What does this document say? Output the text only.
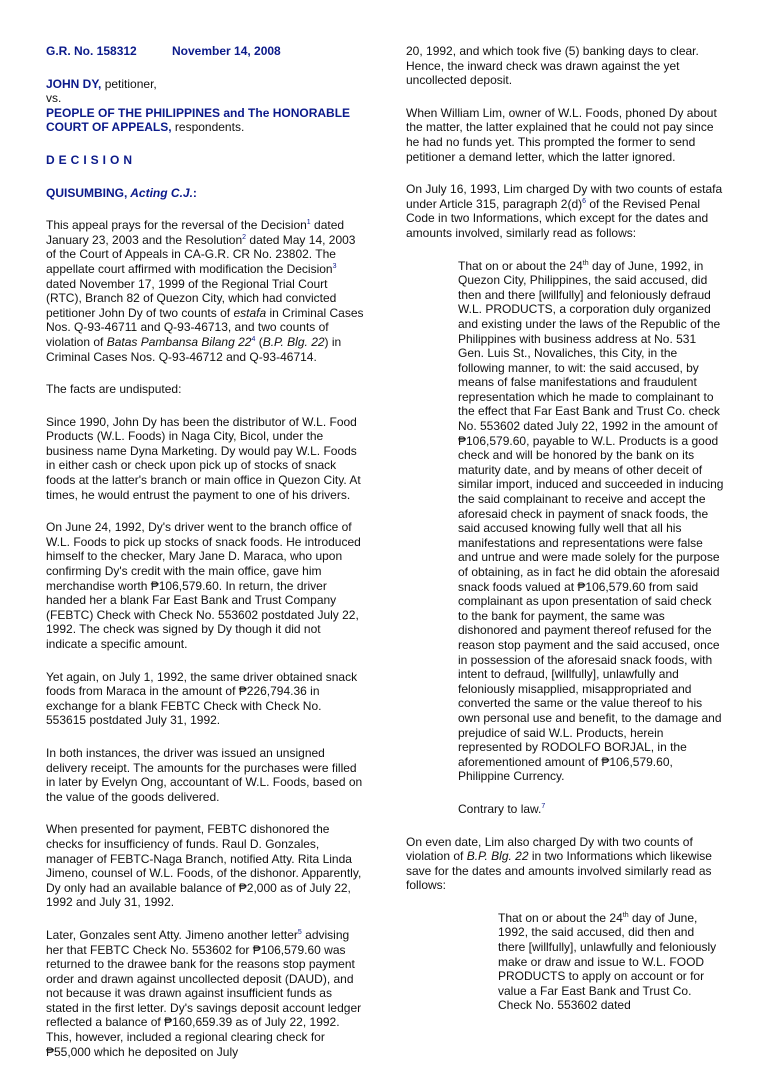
G.R. No. 158312	November 14, 2008

JOHN DY, petitioner,

vs.

PEOPLE OF THE PHILIPPINES and The HONORABLE COURT OF APPEALS, respondents.

DECISION

QUISUMBING, Acting C.J.:

This appeal prays for the reversal of the Decision$^1$ dated January 23, 2003 and the Resolution$^2$ dated May 14, 2003 of the Court of Appeals in CA-G.R. CR No. 23802. The appellate court affirmed with modification the Decision$^3$ dated November 17, 1999 of the Regional Trial Court (RTC), Branch 82 of Quezon City, which had convicted petitioner John Dy of two counts of estafa in Criminal Cases Nos. Q-93-46711 and Q-93-46713, and two counts of violation of Batas Pambansa Bilang 22$^4$ (B.P. Blg. 22) in Criminal Cases Nos. Q-93-46712 and Q-93-46714.

The facts are undisputed:

Since 1990, John Dy has been the distributor of W.L. Food Products (W.L. Foods) in Naga City, Bicol, under the business name Dyna Marketing. Dy would pay W.L. Foods in either cash or check upon pick up of stocks of snack foods at the latter's branch or main office in Quezon City. At times, he would entrust the payment to one of his drivers.

On June 24, 1992, Dy's driver went to the branch office of W.L. Foods to pick up stocks of snack foods. He introduced himself to the checker, Mary Jane D. Maraca, who upon confirming Dy's credit with the main office, gave him merchandise worth ₱106,579.60. In return, the driver handed her a blank Far East Bank and Trust Company (FEBTC) Check with Check No. 553602 postdated July 22, 1992. The check was signed by Dy though it did not indicate a specific amount.

Yet again, on July 1, 1992, the same driver obtained snack foods from Maraca in the amount of ₱226,794.36 in exchange for a blank FEBTC Check with Check No. 553615 postdated July 31, 1992.

In both instances, the driver was issued an unsigned delivery receipt. The amounts for the purchases were filled in later by Evelyn Ong, accountant of W.L. Foods, based on the value of the goods delivered.

When presented for payment, FEBTC dishonored the checks for insufficiency of funds. Raul D. Gonzales, manager of FEBTC-Naga Branch, notified Atty. Rita Linda Jimeno, counsel of W.L. Foods, of the dishonor. Apparently, Dy only had an available balance of ₱2,000 as of July 22, 1992 and July 31, 1992.

Later, Gonzales sent Atty. Jimeno another letter$^5$ advising her that FEBTC Check No. 553602 for ₱106,579.60 was returned to the drawee bank for the reasons stop payment order and drawn against uncollected deposit (DAUD), and not because it was drawn against insufficient funds as stated in the first letter. Dy's savings deposit account ledger reflected a balance of ₱160,659.39 as of July 22, 1992. This, however, included a regional clearing check for ₱55,000 which he deposited on July

20, 1992, and which took five (5) banking days to clear. Hence, the inward check was drawn against the yet uncollected deposit.

When William Lim, owner of W.L. Foods, phoned Dy about the matter, the latter explained that he could not pay since he had no funds yet. This prompted the former to send petitioner a demand letter, which the latter ignored.

On July 16, 1993, Lim charged Dy with two counts of estafa under Article 315, paragraph 2(d)$^6$ of the Revised Penal Code in two Informations, which except for the dates and amounts involved, similarly read as follows:

That on or about the 24th day of June, 1992, in Quezon City, Philippines, the said accused, did then and there [willfully] and feloniously defraud W.L. PRODUCTS, a corporation duly organized and existing under the laws of the Republic of the Philippines with business address at No. 531 Gen. Luis St., Novaliches, this City, in the following manner, to wit: the said accused, by means of false manifestations and fraudulent representation which he made to complainant to the effect that Far East Bank and Trust Co. check No. 553602 dated July 22, 1992 in the amount of ₱106,579.60, payable to W.L. Products is a good check and will be honored by the bank on its maturity date, and by means of other deceit of similar import, induced and succeeded in inducing the said complainant to receive and accept the aforesaid check in payment of snack foods, the said accused knowing fully well that all his manifestations and representations were false and untrue and were made solely for the purpose of obtaining, as in fact he did obtain the aforesaid snack foods valued at ₱106,579.60 from said complainant as upon presentation of said check to the bank for payment, the same was dishonored and payment thereof refused for the reason stop payment and the said accused, once in possession of the aforesaid snack foods, with intent to defraud, [willfully], unlawfully and feloniously misapplied, misappropriated and converted the same or the value thereof to his own personal use and benefit, to the damage and prejudice of said W.L. Products, herein represented by RODOLFO BORJAL, in the aforementioned amount of ₱106,579.60, Philippine Currency.

Contrary to law.$^7$

On even date, Lim also charged Dy with two counts of violation of B.P. Blg. 22 in two Informations which likewise save for the dates and amounts involved similarly read as follows:

That on or about the 24th day of June, 1992, the said accused, did then and there [willfully], unlawfully and feloniously make or draw and issue to W.L. FOOD PRODUCTS to apply on account or for value a Far East Bank and Trust Co. Check No. 553602 dated
